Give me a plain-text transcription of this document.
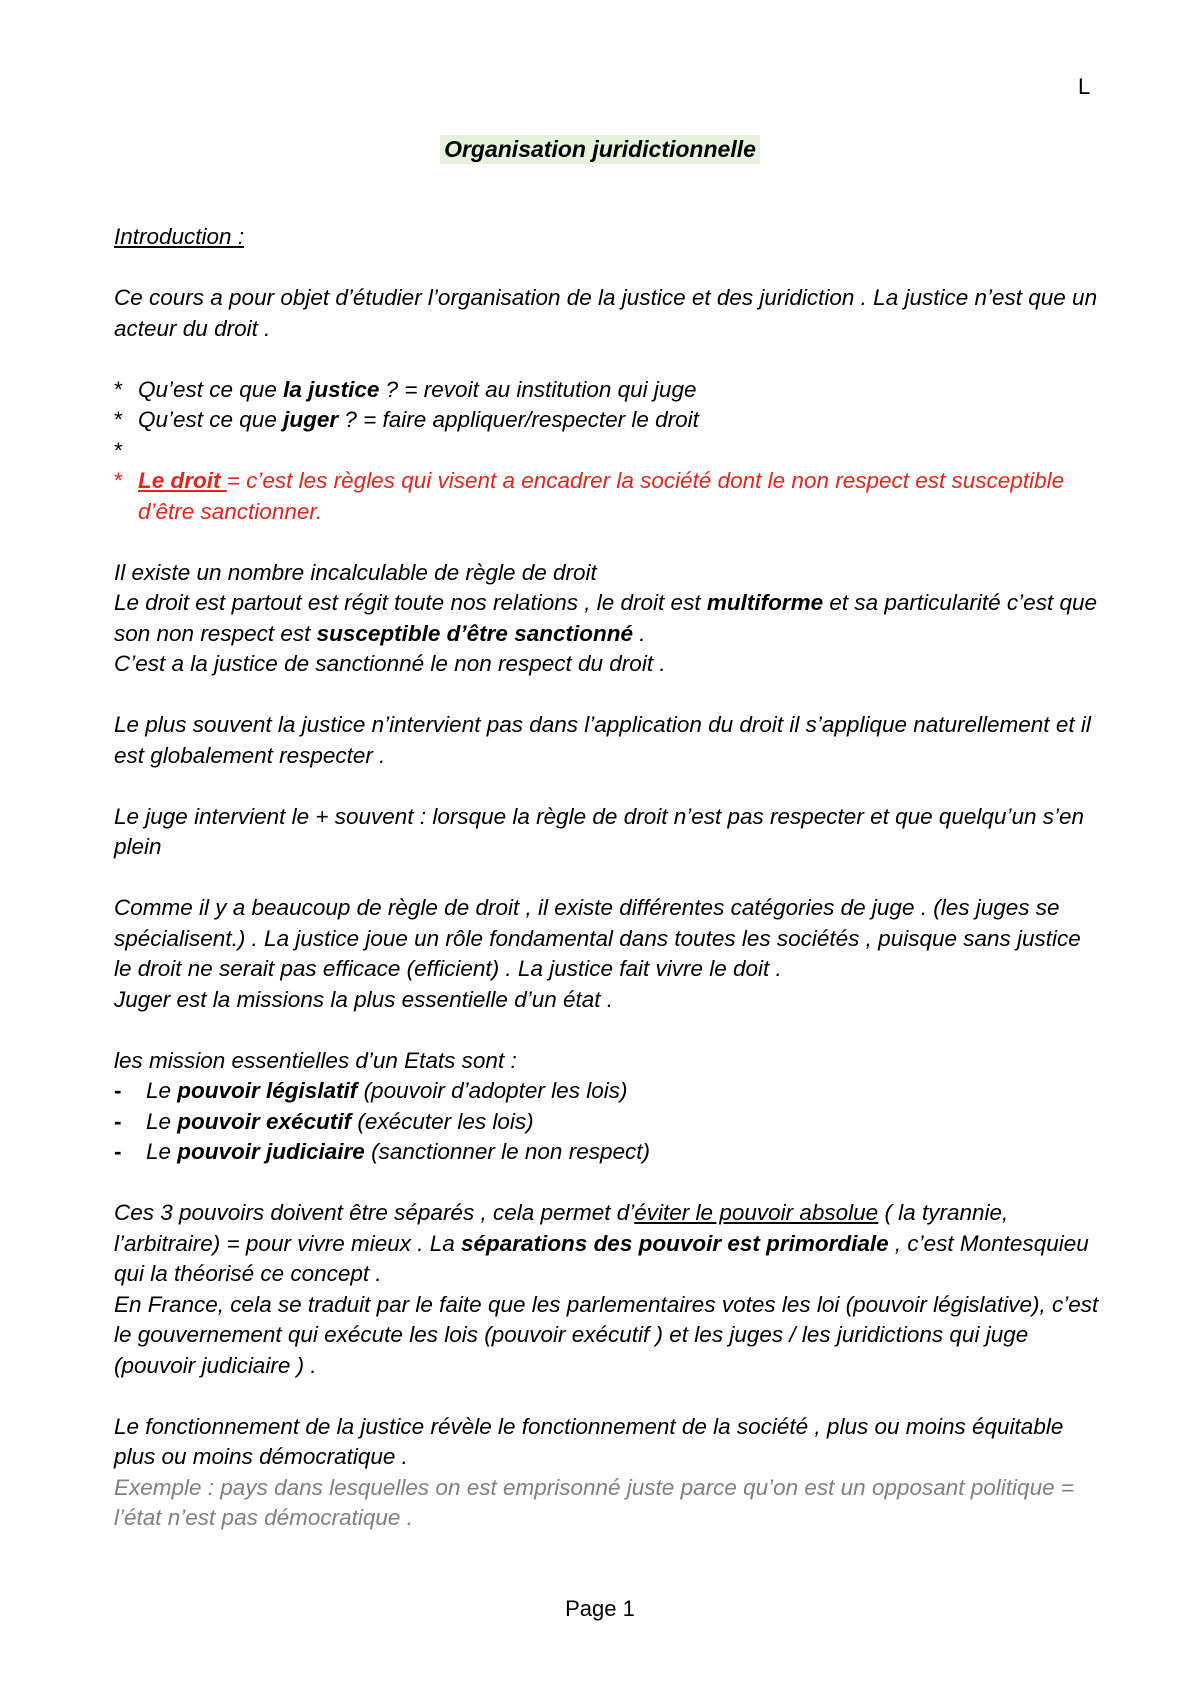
L
Organisation juridictionnelle

Introduction :

Ce cours a pour objet d’étudier l’organisation de la justice et des juridiction . La justice n’est que un acteur du droit .

* Qu’est ce que la justice ? = revoit au institution qui juge

* Qu’est ce que juger ? = faire appliquer/respecter le droit

*

* Le droit = c’est les règles qui visent a encadrer la société dont le non respect est susceptible d’être sanctionner.

Il existe un nombre incalculable de règle de droit

Le droit est partout est régit toute nos relations , le droit est multiforme et sa particularité c’est que son non respect est susceptible d’être sanctionné .

C’est a la justice de sanctionné le non respect du droit .

Le plus souvent la justice n’intervient pas dans l’application du droit il s’applique naturellement et il est globalement respecter .

Le juge intervient le + souvent : lorsque la règle de droit n’est pas respecter et que quelqu’un s’en plein

Comme il y a beaucoup de règle de droit , il existe différentes catégories de juge . (les juges se spécialisent.) . La justice joue un rôle fondamental dans toutes les sociétés , puisque sans justice le droit ne serait pas efficace (efficient) . La justice fait vivre le doit .

Juger est la missions la plus essentielle d’un état .

les mission essentielles d’un Etats sont :

- Le pouvoir législatif (pouvoir d’adopter les lois)

- Le pouvoir exécutif (exécuter les lois)

- Le pouvoir judiciaire (sanctionner le non respect)

Ces 3 pouvoirs doivent être séparés , cela permet d’éviter le pouvoir absolue ( la tyrannie, l’arbitraire) = pour vivre mieux . La séparations des pouvoir est primordiale , c’est Montesquieu qui la théorisé ce concept .

En France, cela se traduit par le faite que les parlementaires votes les loi (pouvoir législative), c’est le gouvernement qui exécute les lois (pouvoir exécutif ) et les juges / les juridictions qui juge (pouvoir judiciaire ) .

Le fonctionnement de la justice révèle le fonctionnement de la société , plus ou moins équitable plus ou moins démocratique .

Exemple : pays dans lesquelles on est emprisonné juste parce qu’on est un opposant politique = l’état n’est pas démocratique .

Page 1
